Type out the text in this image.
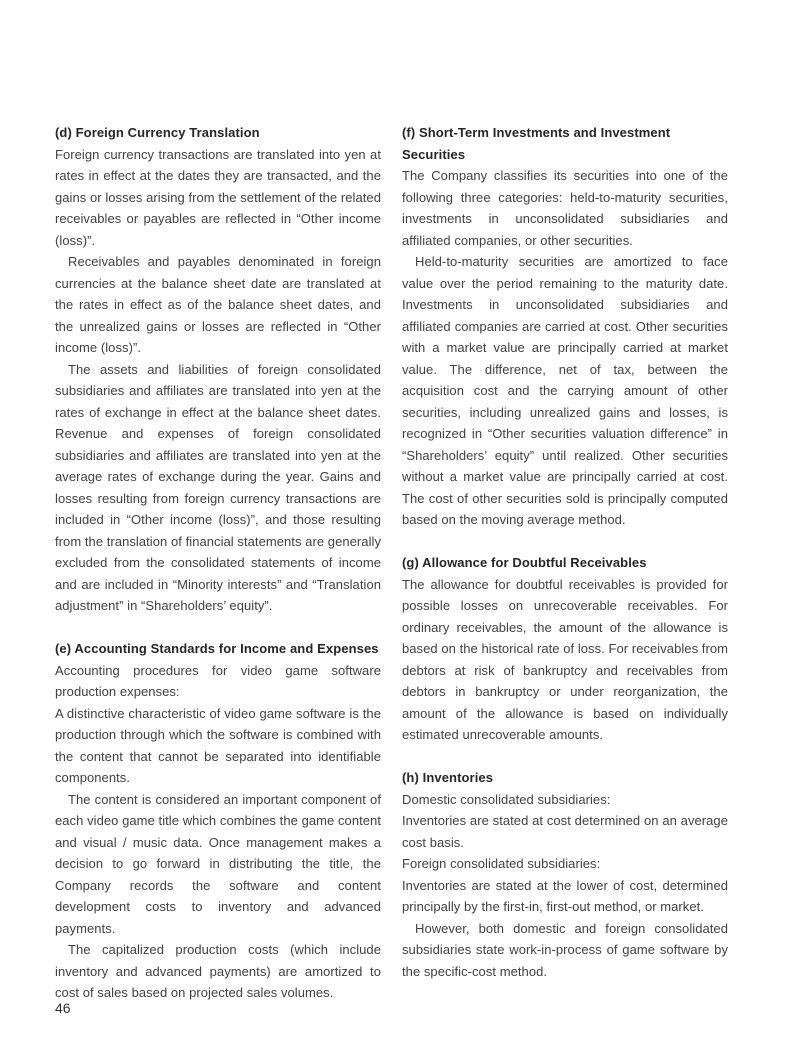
(d) Foreign Currency Translation

Foreign currency transactions are translated into yen at rates in effect at the dates they are transacted, and the gains or losses arising from the settlement of the related receivables or payables are reflected in “Other income (loss)”.

Receivables and payables denominated in foreign currencies at the balance sheet date are translated at the rates in effect as of the balance sheet dates, and the unrealized gains or losses are reflected in “Other income (loss)”.

The assets and liabilities of foreign consolidated subsidiaries and affiliates are translated into yen at the rates of exchange in effect at the balance sheet dates. Revenue and expenses of foreign consolidated subsidiaries and affiliates are translated into yen at the average rates of exchange during the year. Gains and losses resulting from foreign currency transactions are included in “Other income (loss)”, and those resulting from the translation of financial statements are generally excluded from the consolidated statements of income and are included in “Minority interests” and “Translation adjustment” in “Shareholders’ equity”.

(e) Accounting Standards for Income and Expenses

Accounting procedures for video game software production expenses:

A distinctive characteristic of video game software is the production through which the software is combined with the content that cannot be separated into identifiable components.

The content is considered an important component of each video game title which combines the game content and visual / music data. Once management makes a decision to go forward in distributing the title, the Company records the software and content development costs to inventory and advanced payments.

The capitalized production costs (which include inventory and advanced payments) are amortized to cost of sales based on projected sales volumes.

(f) Short-Term Investments and Investment Securities

The Company classifies its securities into one of the following three categories: held-to-maturity securities, investments in unconsolidated subsidiaries and affiliated companies, or other securities.

Held-to-maturity securities are amortized to face value over the period remaining to the maturity date. Investments in unconsolidated subsidiaries and affiliated companies are carried at cost. Other securities with a market value are principally carried at market value. The difference, net of tax, between the acquisition cost and the carrying amount of other securities, including unrealized gains and losses, is recognized in “Other securities valuation difference” in “Shareholders’ equity” until realized. Other securities without a market value are principally carried at cost. The cost of other securities sold is principally computed based on the moving average method.

(g) Allowance for Doubtful Receivables

The allowance for doubtful receivables is provided for possible losses on unrecoverable receivables. For ordinary receivables, the amount of the allowance is based on the historical rate of loss. For receivables from debtors at risk of bankruptcy and receivables from debtors in bankruptcy or under reorganization, the amount of the allowance is based on individually estimated unrecoverable amounts.

(h) Inventories

Domestic consolidated subsidiaries:

Inventories are stated at cost determined on an average cost basis.

Foreign consolidated subsidiaries:

Inventories are stated at the lower of cost, determined principally by the first-in, first-out method, or market.

However, both domestic and foreign consolidated subsidiaries state work-in-process of game software by the specific-cost method.

46
